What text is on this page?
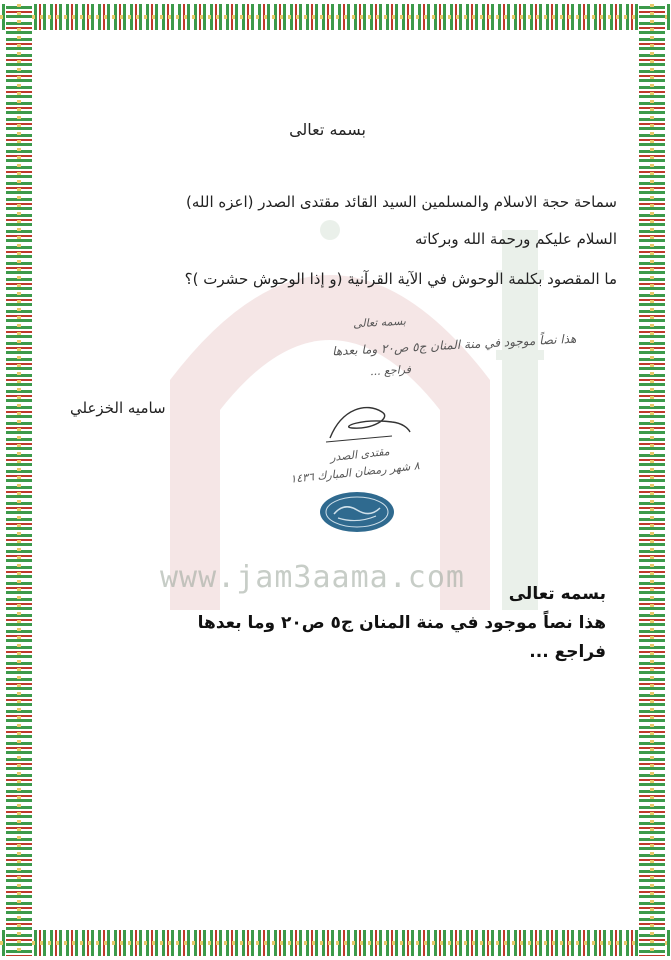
www.jam3aama.com
بسمه تعالى
سماحة حجة الاسلام والمسلمين السيد القائد مقتدى الصدر (اعزه الله)
السلام عليكم ورحمة الله وبركاته
ما المقصود بكلمة الوحوش في الآية القرآنية (و إذا الوحوش حشرت )؟
بسمه تعالى
هذا نصاً موجود في منة المنان ج٥ ص٢٠ وما بعدها
فراجع ...
ساميه الخزعلي
مقتدى الصدر
٨ شهر رمضان المبارك ١٤٣٦
بسمه تعالى
هذا نصاً موجود في منة المنان ج٥ ص٢٠ وما بعدها
فراجع ...
